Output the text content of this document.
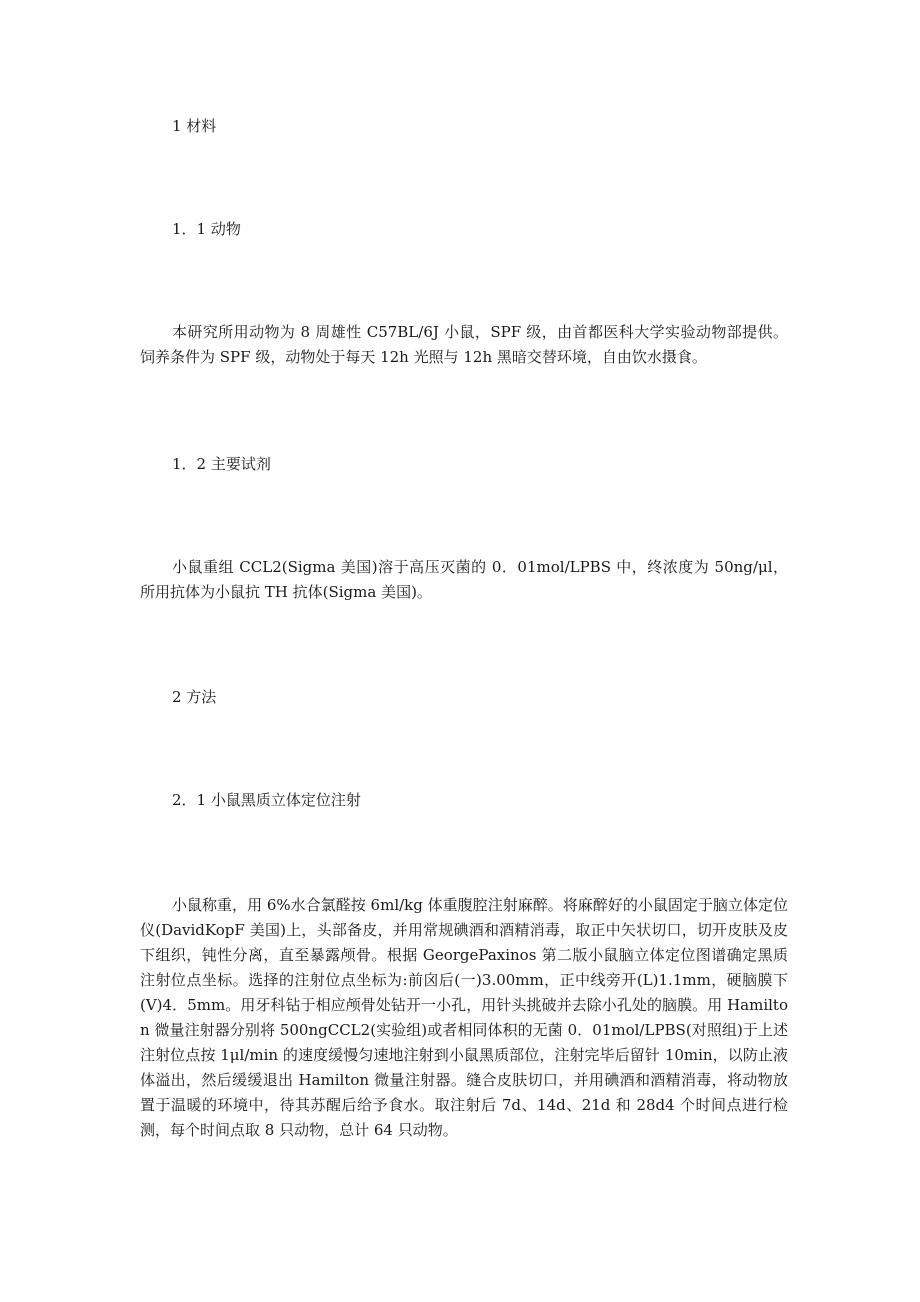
1 材料
1．1 动物

本研究所用动物为 8 周雄性 C57BL/6J 小鼠，SPF 级，由首都医科大学实验动物部提供。饲养条件为 SPF 级，动物处于每天 12h 光照与 12h 黑暗交替环境，自由饮水摄食。

1．2 主要试剂

小鼠重组 CCL2(Sigma 美国)溶于高压灭菌的 0．01mol/LPBS 中，终浓度为 50ng/μl，所用抗体为小鼠抗 TH 抗体(Sigma 美国)。

2 方法
2．1 小鼠黑质立体定位注射

小鼠称重，用 6%水合氯醛按 6ml/kg 体重腹腔注射麻醉。将麻醉好的小鼠固定于脑立体定位仪(DavidKopF 美国)上，头部备皮，并用常规碘酒和酒精消毒，取正中矢状切口，切开皮肤及皮下组织，钝性分离，直至暴露颅骨。根据 GeorgePaxinos 第二版小鼠脑立体定位图谱确定黑质注射位点坐标。选择的注射位点坐标为:前囟后(一)3.00mm，正中线旁开(L)1.1mm，硬脑膜下(V)4．5mm。用牙科钻于相应颅骨处钻开一小孔，用针头挑破并去除小孔处的脑膜。用 Hamilton 微量注射器分别将 500ngCCL2(实验组)或者相同体积的无菌 0．01mol/LPBS(对照组)于上述注射位点按 1μl/min 的速度缓慢匀速地注射到小鼠黑质部位，注射完毕后留针 10min，以防止液体溢出，然后缓缓退出 Hamilton 微量注射器。缝合皮肤切口，并用碘酒和酒精消毒，将动物放置于温暖的环境中，待其苏醒后给予食水。取注射后 7d、14d、21d 和 28d4 个时间点进行检测，每个时间点取 8 只动物，总计 64 只动物。
